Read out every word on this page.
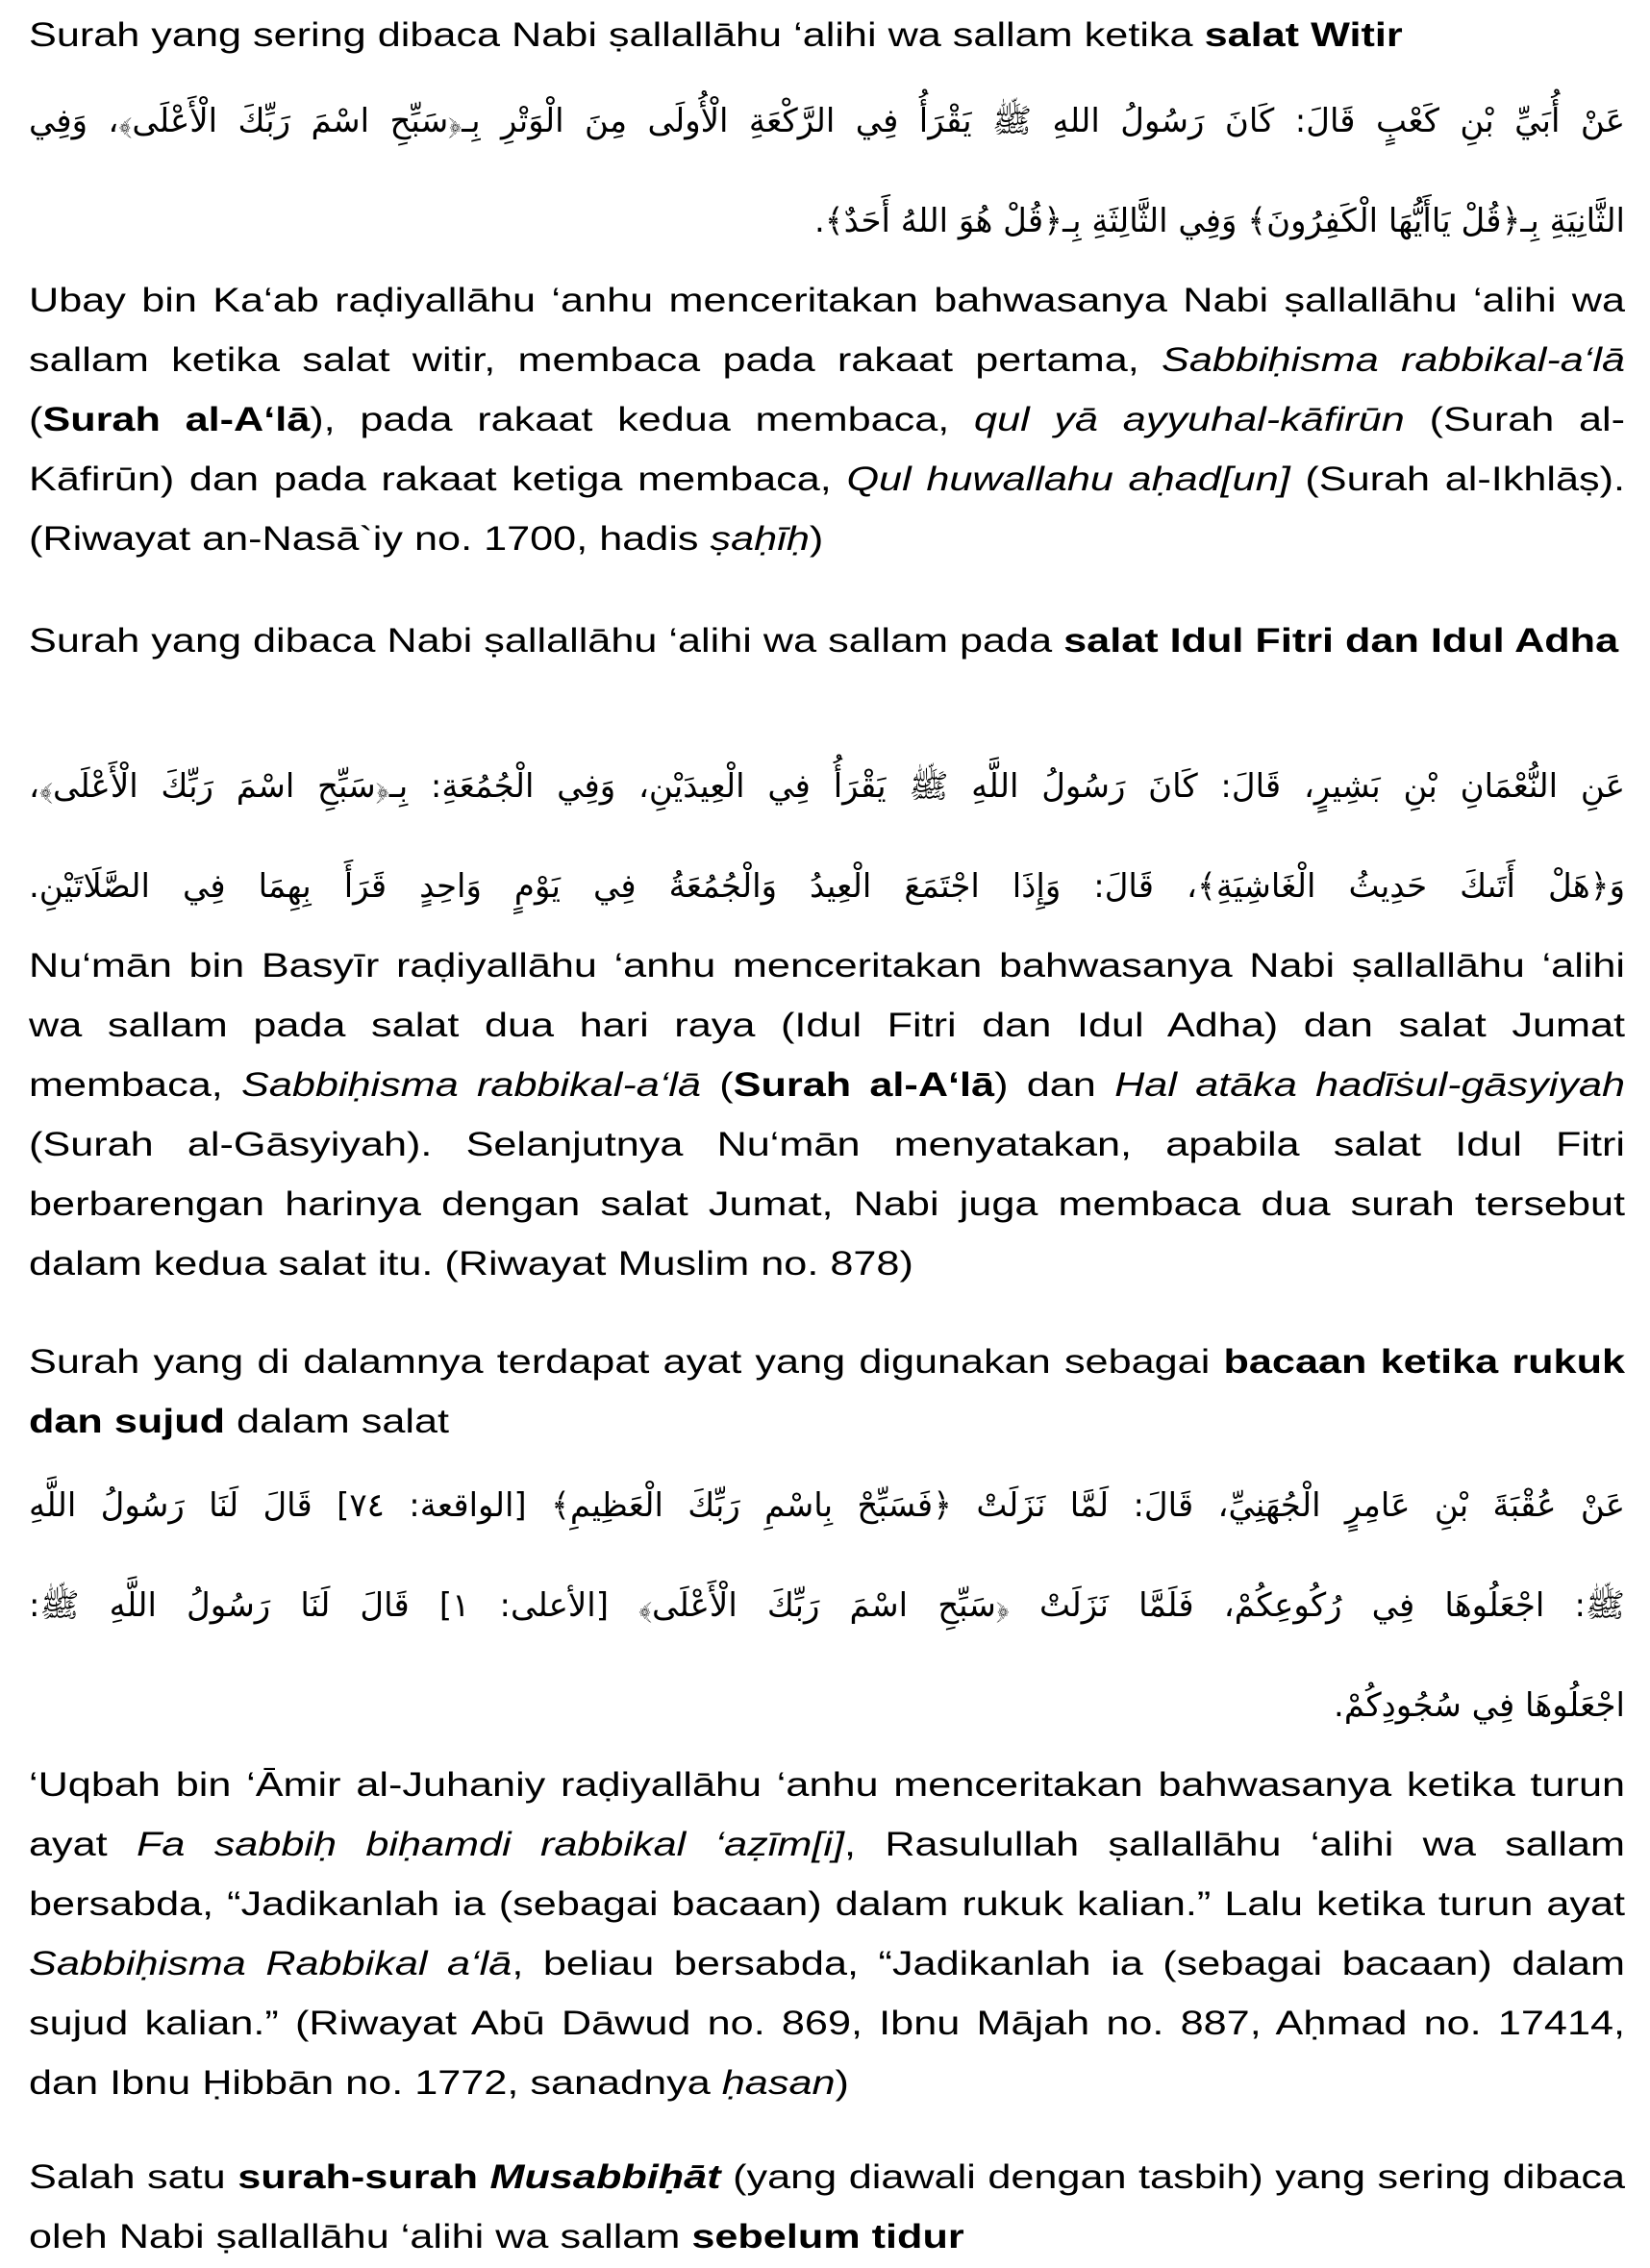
Surah yang sering dibaca Nabi ṣallallāhu ‘alihi wa sallam ketika salat Witir
عَنْ أُبَيِّ بْنِ كَعْبٍ قَالَ: كَانَ رَسُولُ اللهِ ﷺ يَقْرَأُ فِي الرَّكْعَةِ الْأُولَى مِنَ الْوَتْرِ بِـ﴿سَبِّحِ اسْمَ رَبِّكَ الْأَعْلَى﴾، وَفِي
الثَّانِيَةِ بِـ﴿قُلْ يَاأَيُّهَا الْكَفِرُونَ﴾ وَفِي الثَّالِثَةِ بِـ﴿قُلْ هُوَ اللهُ أَحَدٌ﴾.
Ubay bin Ka‘ab raḍiyallāhu ‘anhu menceritakan bahwasanya Nabi ṣallallāhu ‘alihi wa sallam ketika salat witir, membaca pada rakaat pertama, Sabbiḥisma rabbikal-a‘lā (Surah al-A‘lā), pada rakaat kedua membaca, qul yā ayyuhal-kāfirūn (Surah al-Kāfirūn) dan pada rakaat ketiga membaca, Qul huwallahu aḥad[un] (Surah al-Ikhlāṣ). (Riwayat an-Nasā`iy no. 1700, hadis ṣaḥīḥ)
Surah yang dibaca Nabi ṣallallāhu ‘alihi wa sallam pada salat Idul Fitri dan Idul Adha
عَنِ النُّعْمَانِ بْنِ بَشِيرٍ، قَالَ: كَانَ رَسُولُ اللَّهِ ﷺ يَقْرَأُ فِي الْعِيدَيْنِ، وَفِي الْجُمُعَةِ: بِـ﴿سَبِّحِ اسْمَ رَبِّكَ الْأَعْلَى﴾،
وَ﴿هَلْ أَتَىكَ حَدِيثُ الْغَاشِيَةِ﴾، قَالَ: وَإِذَا اجْتَمَعَ الْعِيدُ وَالْجُمُعَةُ فِي يَوْمٍ وَاحِدٍ قَرَأَ بِهِمَا فِي الصَّلَاتَيْنِ.
Nu‘mān bin Basyīr raḍiyallāhu ‘anhu menceritakan bahwasanya Nabi ṣallallāhu ‘alihi wa sallam pada salat dua hari raya (Idul Fitri dan Idul Adha) dan salat Jumat membaca, Sabbiḥisma rabbikal-a‘lā (Surah al-A‘lā) dan Hal atāka hadīṡul-gāsyiyah (Surah al-Gāsyiyah). Selanjutnya Nu‘mān menyatakan, apabila salat Idul Fitri berbarengan harinya dengan salat Jumat, Nabi juga membaca dua surah tersebut dalam kedua salat itu. (Riwayat Muslim no. 878)
Surah yang di dalamnya terdapat ayat yang digunakan sebagai bacaan ketika rukuk dan sujud dalam salat
عَنْ عُقْبَةَ بْنِ عَامِرٍ الْجُهَنِيِّ، قَالَ: لَمَّا نَزَلَتْ ﴿فَسَبِّحْ بِاسْمِ رَبِّكَ الْعَظِيمِ﴾ [الواقعة: ٧٤] قَالَ لَنَا رَسُولُ اللَّهِ
ﷺ: اجْعَلُوهَا فِي رُكُوعِكُمْ، فَلَمَّا نَزَلَتْ ﴿سَبِّحِ اسْمَ رَبِّكَ الْأَعْلَى﴾ [الأعلى: ١] قَالَ لَنَا رَسُولُ اللَّهِ ﷺ:
اجْعَلُوهَا فِي سُجُودِكُمْ.
‘Uqbah bin ‘Āmir al-Juhaniy raḍiyallāhu ‘anhu menceritakan bahwasanya ketika turun ayat Fa sabbiḥ biḥamdi rabbikal ‘aẓīm[i], Rasulullah ṣallallāhu ‘alihi wa sallam bersabda, “Jadikanlah ia (sebagai bacaan) dalam rukuk kalian.” Lalu ketika turun ayat Sabbiḥisma Rabbikal a‘lā, beliau bersabda, “Jadikanlah ia (sebagai bacaan) dalam sujud kalian.” (Riwayat Abū Dāwud no. 869, Ibnu Mājah no. 887, Aḥmad no. 17414, dan Ibnu Ḥibbān no. 1772, sanadnya ḥasan)
Salah satu surah-surah Musabbiḥāt (yang diawali dengan tasbih) yang sering dibaca oleh Nabi ṣallallāhu ‘alihi wa sallam sebelum tidur
